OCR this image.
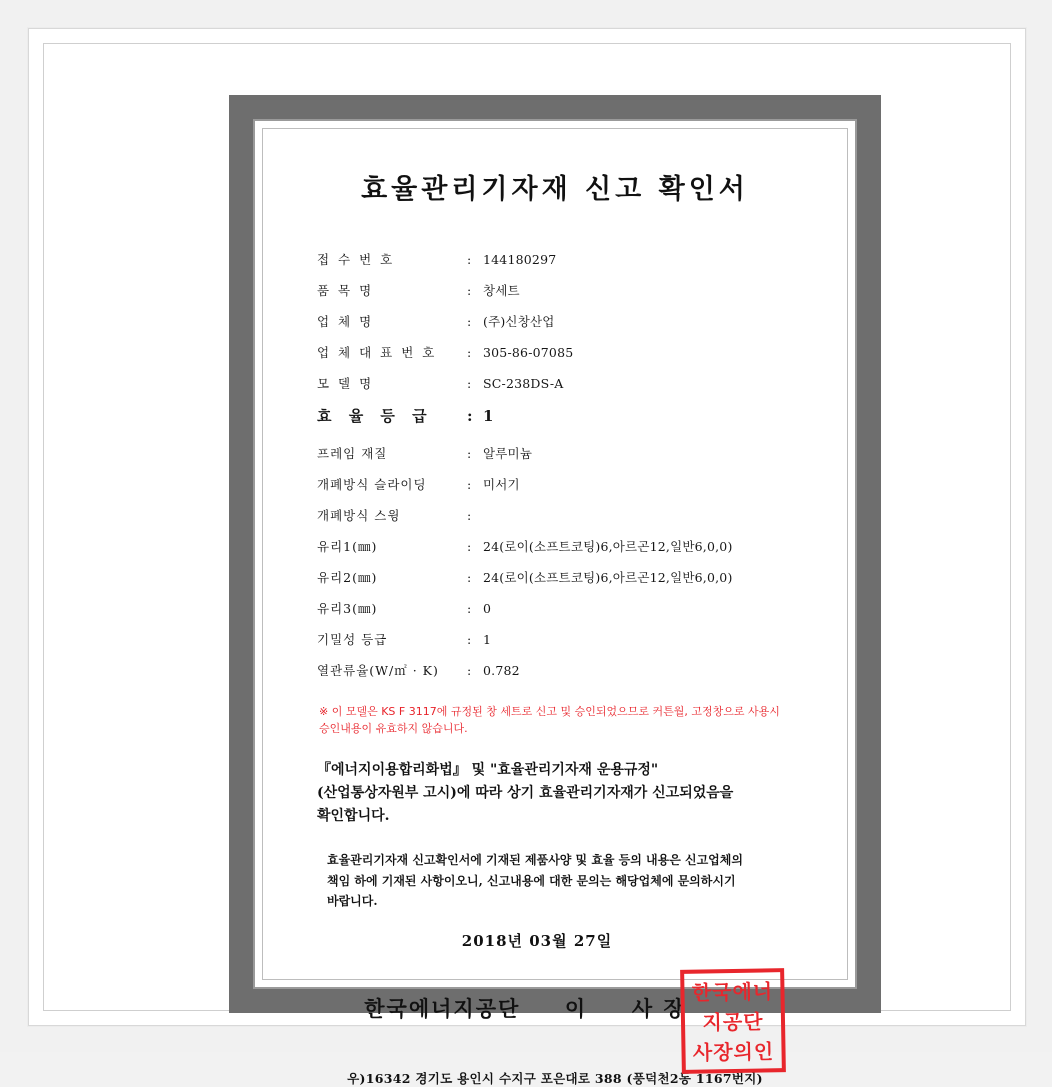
효율관리기자재 신고 확인서
접 수 번 호	: 144180297
품 목 명	: 창세트
업 체 명	: (주)신창산업
업 체 대 표 번 호	: 305-86-07085
모 델 명	: SC-238DS-A
효 율 등 급	: 1
프레임 재질	: 알루미늄
개폐방식 슬라이딩	: 미서기
개폐방식 스윙	:
유리1(㎜)	: 24(로이(소프트코팅)6,아르곤12,일반6,0,0)
유리2(㎜)	: 24(로이(소프트코팅)6,아르곤12,일반6,0,0)
유리3(㎜)	: 0
기밀성 등급	: 1
열관류율(W/㎡ · K)	: 0.782
※ 이 모델은 KS F 3117에 규정된 창 세트로 신고 및 승인되었으므로 커튼월, 고정창으로 사용시 승인내용이 유효하지 않습니다.
『에너지이용합리화법』 및 "효율관리기자재 운용규정"
(산업통상자원부 고시)에 따라 상기 효율관리기자재가 신고되었음을
확인합니다.
효율관리기자재 신고확인서에 기재된 제품사양 및 효율 등의 내용은 신고업체의
책임 하에 기재된 사항이오니, 신고내용에 대한 문의는 해당업체에 문의하시기
바랍니다.
2018년 03월 27일
한국에너지공단 이 사 장
한국에너
지공단
사장의인
우)16342 경기도 용인시 수지구 포은대로 388 (풍덕천2동 1167번지)
